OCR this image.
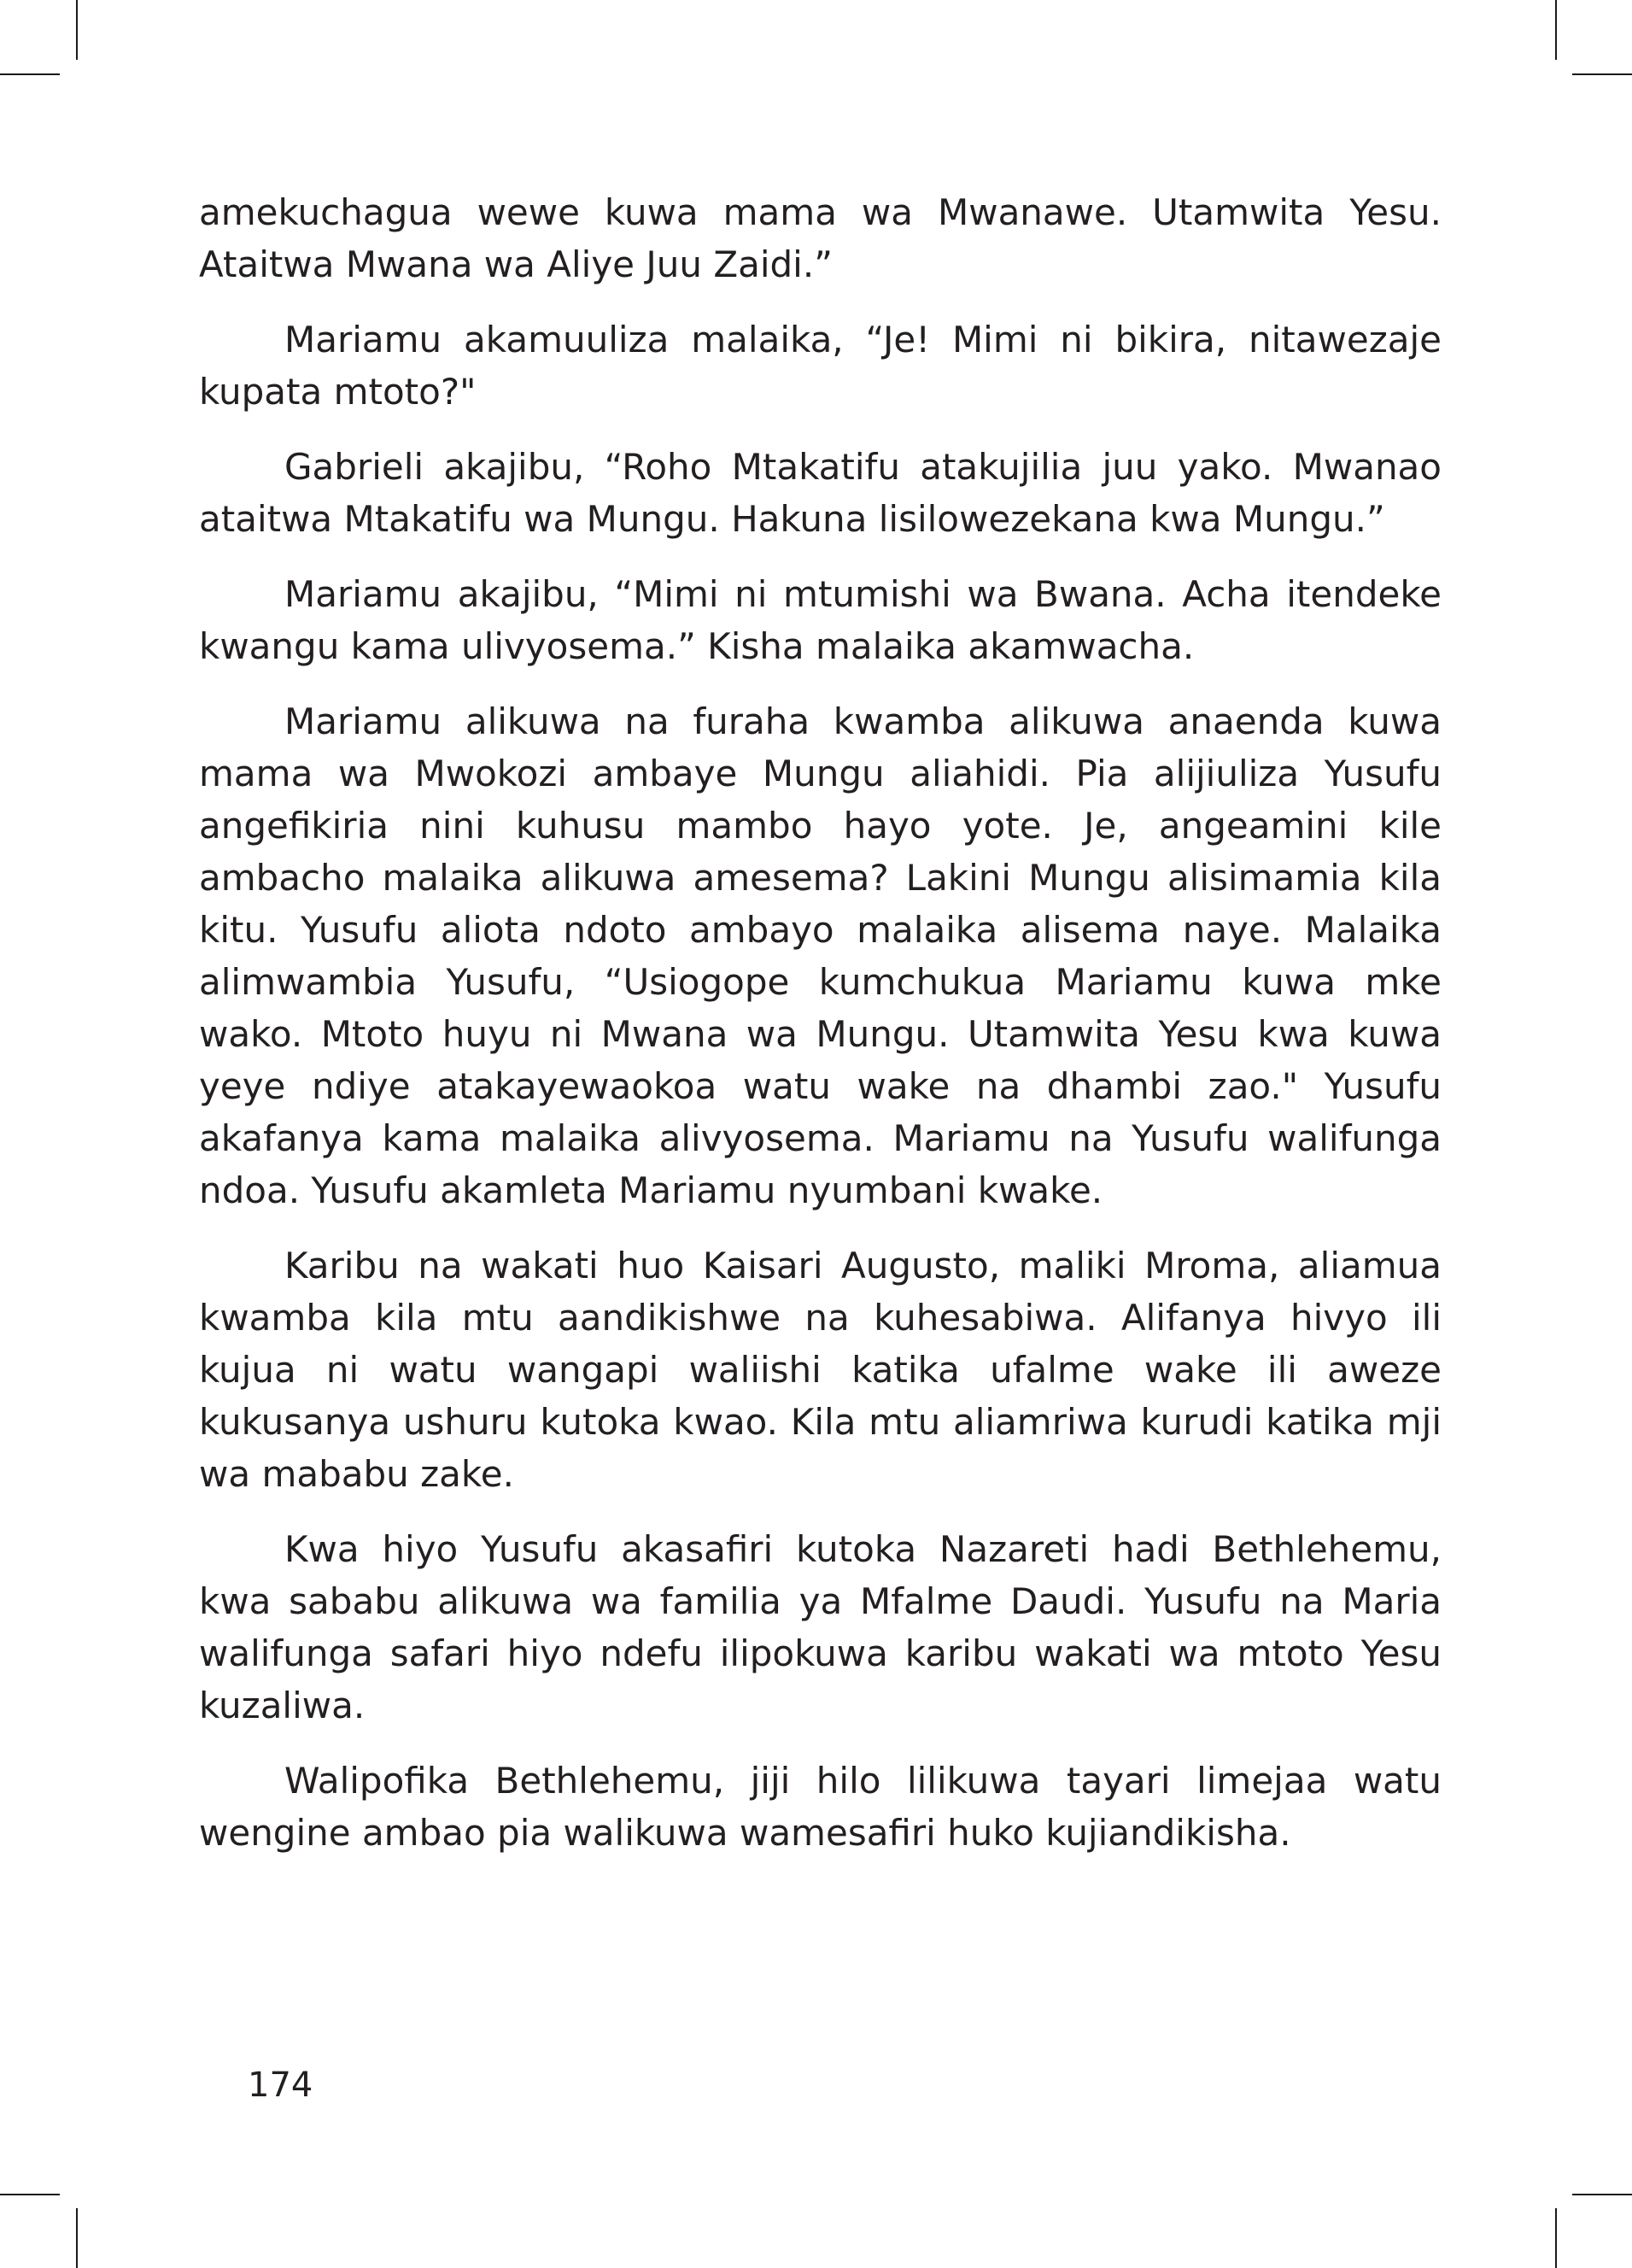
amekuchagua wewe kuwa mama wa Mwanawe. Utamwita Yesu. Ataitwa Mwana wa Aliye Juu Zaidi.”

Mariamu akamuuliza malaika, “Je! Mimi ni bikira, nitawezaje kupata mtoto?"

Gabrieli akajibu, “Roho Mtakatifu atakujilia juu yako. Mwanao ataitwa Mtakatifu wa Mungu. Hakuna lisilowezekana kwa Mungu.”

Mariamu akajibu, “Mimi ni mtumishi wa Bwana. Acha itendeke kwangu kama ulivyosema.” Kisha malaika akamwacha.

Mariamu alikuwa na furaha kwamba alikuwa anaenda kuwa mama wa Mwokozi ambaye Mungu aliahidi. Pia alijiuliza Yusufu angefikiria nini kuhusu mambo hayo yote. Je, angeamini kile ambacho malaika alikuwa amesema? Lakini Mungu alisimamia kila kitu. Yusufu aliota ndoto ambayo malaika alisema naye. Malaika alimwambia Yusufu, “Usiogope kumchukua Mariamu kuwa mke wako. Mtoto huyu ni Mwana wa Mungu. Utamwita Yesu kwa kuwa yeye ndiye atakayewaokoa watu wake na dhambi zao." Yusufu akafanya kama malaika alivyosema. Mariamu na Yusufu walifunga ndoa. Yusufu akamleta Mariamu nyumbani kwake.

Karibu na wakati huo Kaisari Augusto, maliki Mroma, aliamua kwamba kila mtu aandikishwe na kuhesabiwa. Alifanya hivyo ili kujua ni watu wangapi waliishi katika ufalme wake ili aweze kukusanya ushuru kutoka kwao. Kila mtu aliamriwa kurudi katika mji wa mababu zake.

Kwa hiyo Yusufu akasafiri kutoka Nazareti hadi Bethlehemu, kwa sababu alikuwa wa familia ya Mfalme Daudi. Yusufu na Maria walifunga safari hiyo ndefu ilipokuwa karibu wakati wa mtoto Yesu kuzaliwa.

Walipofika Bethlehemu, jiji hilo lilikuwa tayari limejaa watu wengine ambao pia walikuwa wamesafiri huko kujiandikisha.

174
